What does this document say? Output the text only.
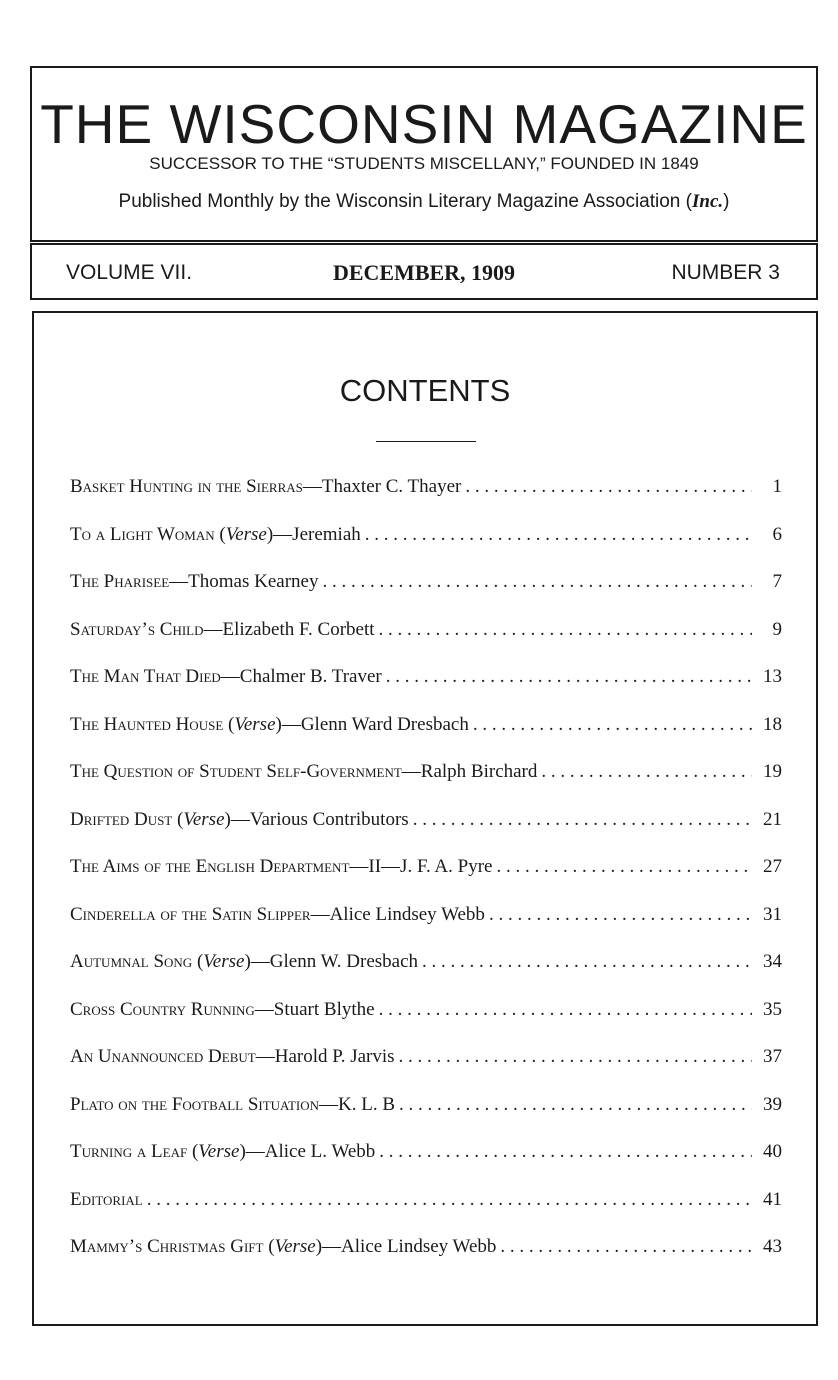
THE WISCONSIN MAGAZINE
SUCCESSOR TO THE “STUDENTS MISCELLANY,” FOUNDED IN 1849
Published Monthly by the Wisconsin Literary Magazine Association (Inc.)
VOLUME VII.	DECEMBER, 1909	NUMBER 3
CONTENTS
Basket Hunting in the Sierras—Thaxter C. Thayer . . .	1
To a Light Woman (Verse)—Jeremiah . . .	6
The Pharisee—Thomas Kearney . . .	7
Saturday’s Child—Elizabeth F. Corbett . . .	9
The Man That Died—Chalmer B. Traver . . .	13
The Haunted House (Verse)—Glenn Ward Dresbach . . .	18
The Question of Student Self-Government—Ralph Birchard . . .	19
Drifted Dust (Verse)—Various Contributors . . .	21
The Aims of the English Department—II—J. F. A. Pyre . . .	27
Cinderella of the Satin Slipper—Alice Lindsey Webb . . .	31
Autumnal Song (Verse)—Glenn W. Dresbach . . .	34
Cross Country Running—Stuart Blythe . . .	35
An Unannounced Debut—Harold P. Jarvis . . .	37
Plato on the Football Situation—K. L. B . . .	39
Turning a Leaf (Verse)—Alice L. Webb . . .	40
Editorial . . .	41
Mammy’s Christmas Gift (Verse)—Alice Lindsey Webb . . .	43
